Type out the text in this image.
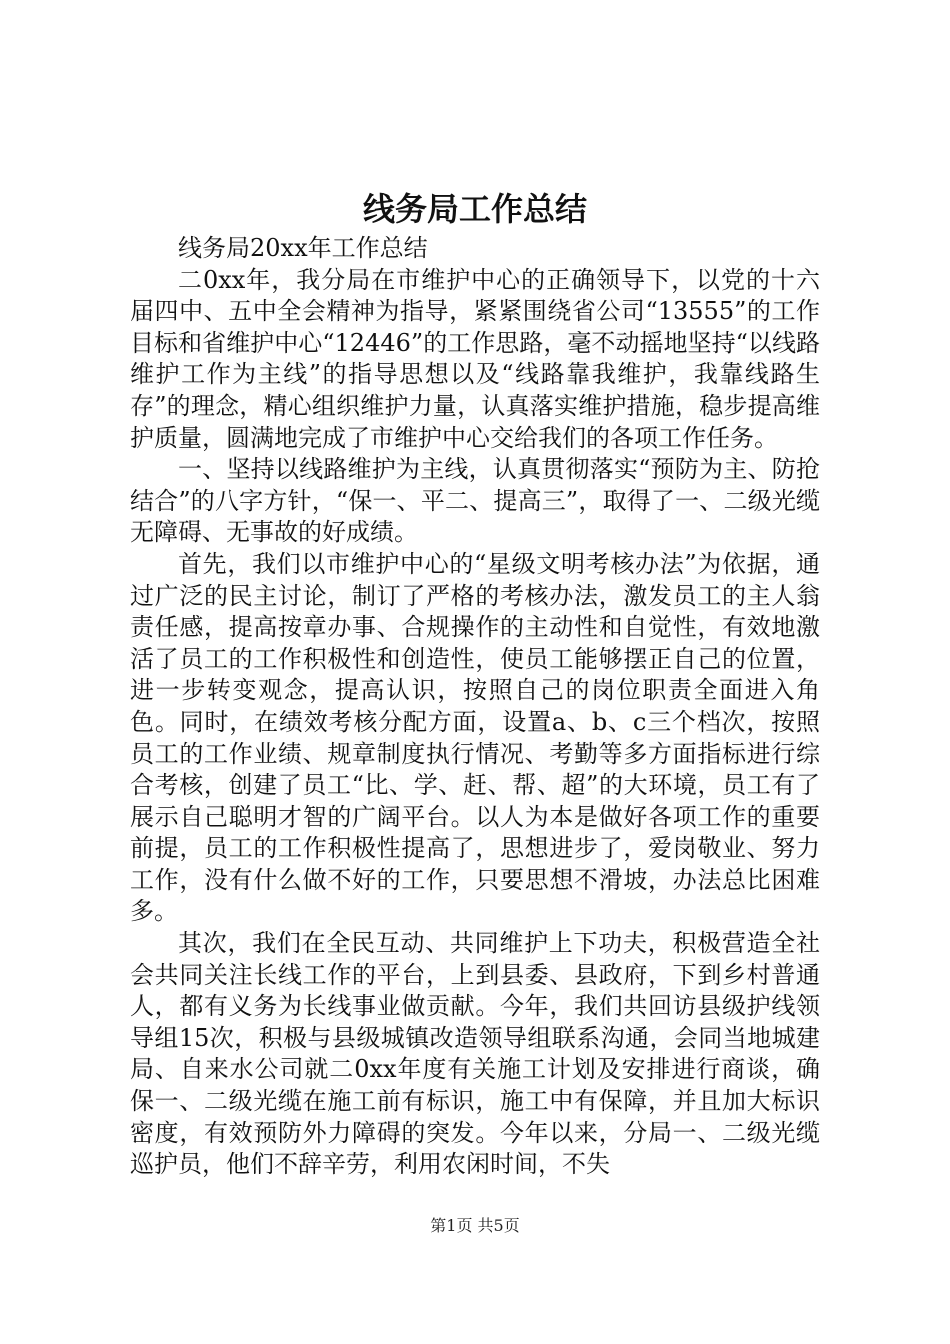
线务局工作总结

线务局20xx年工作总结

二0xx年，我分局在市维护中心的正确领导下，以党的十六届四中、五中全会精神为指导，紧紧围绕省公司“13555”的工作目标和省维护中心“12446”的工作思路，毫不动摇地坚持“以线路维护工作为主线”的指导思想以及“线路靠我维护，我靠线路生存”的理念，精心组织维护力量，认真落实维护措施，稳步提高维护质量，圆满地完成了市维护中心交给我们的各项工作任务。

一、坚持以线路维护为主线，认真贯彻落实“预防为主、防抢结合”的八字方针，“保一、平二、提高三”，取得了一、二级光缆无障碍、无事故的好成绩。

首先，我们以市维护中心的“星级文明考核办法”为依据，通过广泛的民主讨论，制订了严格的考核办法，激发员工的主人翁责任感，提高按章办事、合规操作的主动性和自觉性，有效地激活了员工的工作积极性和创造性，使员工能够摆正自己的位置，进一步转变观念，提高认识，按照自己的岗位职责全面进入角色。同时，在绩效考核分配方面，设置a、b、c三个档次，按照员工的工作业绩、规章制度执行情况、考勤等多方面指标进行综合考核，创建了员工“比、学、赶、帮、超”的大环境，员工有了展示自己聪明才智的广阔平台。以人为本是做好各项工作的重要前提，员工的工作积极性提高了，思想进步了，爱岗敬业、努力工作，没有什么做不好的工作，只要思想不滑坡，办法总比困难多。

其次，我们在全民互动、共同维护上下功夫，积极营造全社会共同关注长线工作的平台，上到县委、县政府，下到乡村普通人，都有义务为长线事业做贡献。今年，我们共回访县级护线领导组15次，积极与县级城镇改造领导组联系沟通，会同当地城建局、自来水公司就二0xx年度有关施工计划及安排进行商谈，确保一、二级光缆在施工前有标识，施工中有保障，并且加大标识密度，有效预防外力障碍的突发。今年以来，分局一、二级光缆巡护员，他们不辞辛劳，利用农闲时间，不失

第1页 共5页
